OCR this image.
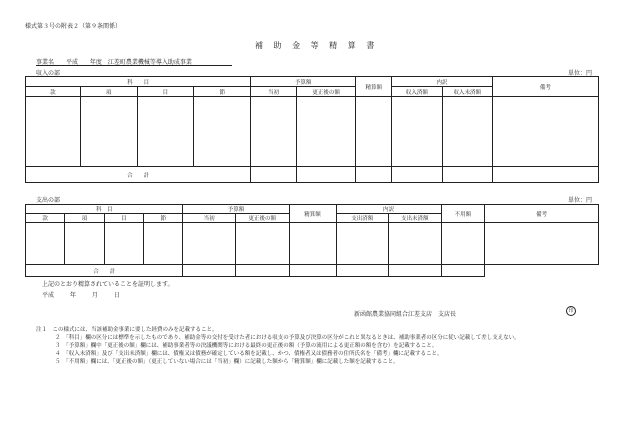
様式第３号の附表２（第９条関係）
補 助 金 等 精 算 書
事業名 平成 年度 江差町農業機械等導入助成事業
収入の部	単位：円
科　　目				予算額		精算額	内訳		備考
款	項	目	節	当初	更正後の額		収入済額	収入未済額	

合　　計									
支出の部	単位：円
科　目				予算額		精算額	内訳		不用額	備考
款	項	目	節	当初	更正後の額		支出済額	支出未済額		

合　　計										
上記のとおり精算されていることを証明します。
平成	年	月	日
新函館農業協同組合江差支店　支店長	印
注１　この様式には、当該補助金事業に要した経費のみを記載すること。
２　「科目」欄の区分には標準を示したものであり、補助金等の交付を受けた者における収支の予算及び決算の区分がこれと異なるときは、補助事業者の区分に従い記載して差し支えない。
３　「予算額」欄中「更正後の額」欄には、補助事業者等の決議機関等における最終の更正後の額（予算の流用による更正額の額を含む）を記載すること。
４　「収入未済額」及び「支出未済額」欄には、債権又は債務が確定している額を記載し、かつ、債権者又は債務者の住所氏名を「備考」欄に記載すること。
５　「不用額」欄には、「更正後の額」（更正していない場合には「当初」欄）に記載した額から「精算額」欄に記載した額を記載すること。
